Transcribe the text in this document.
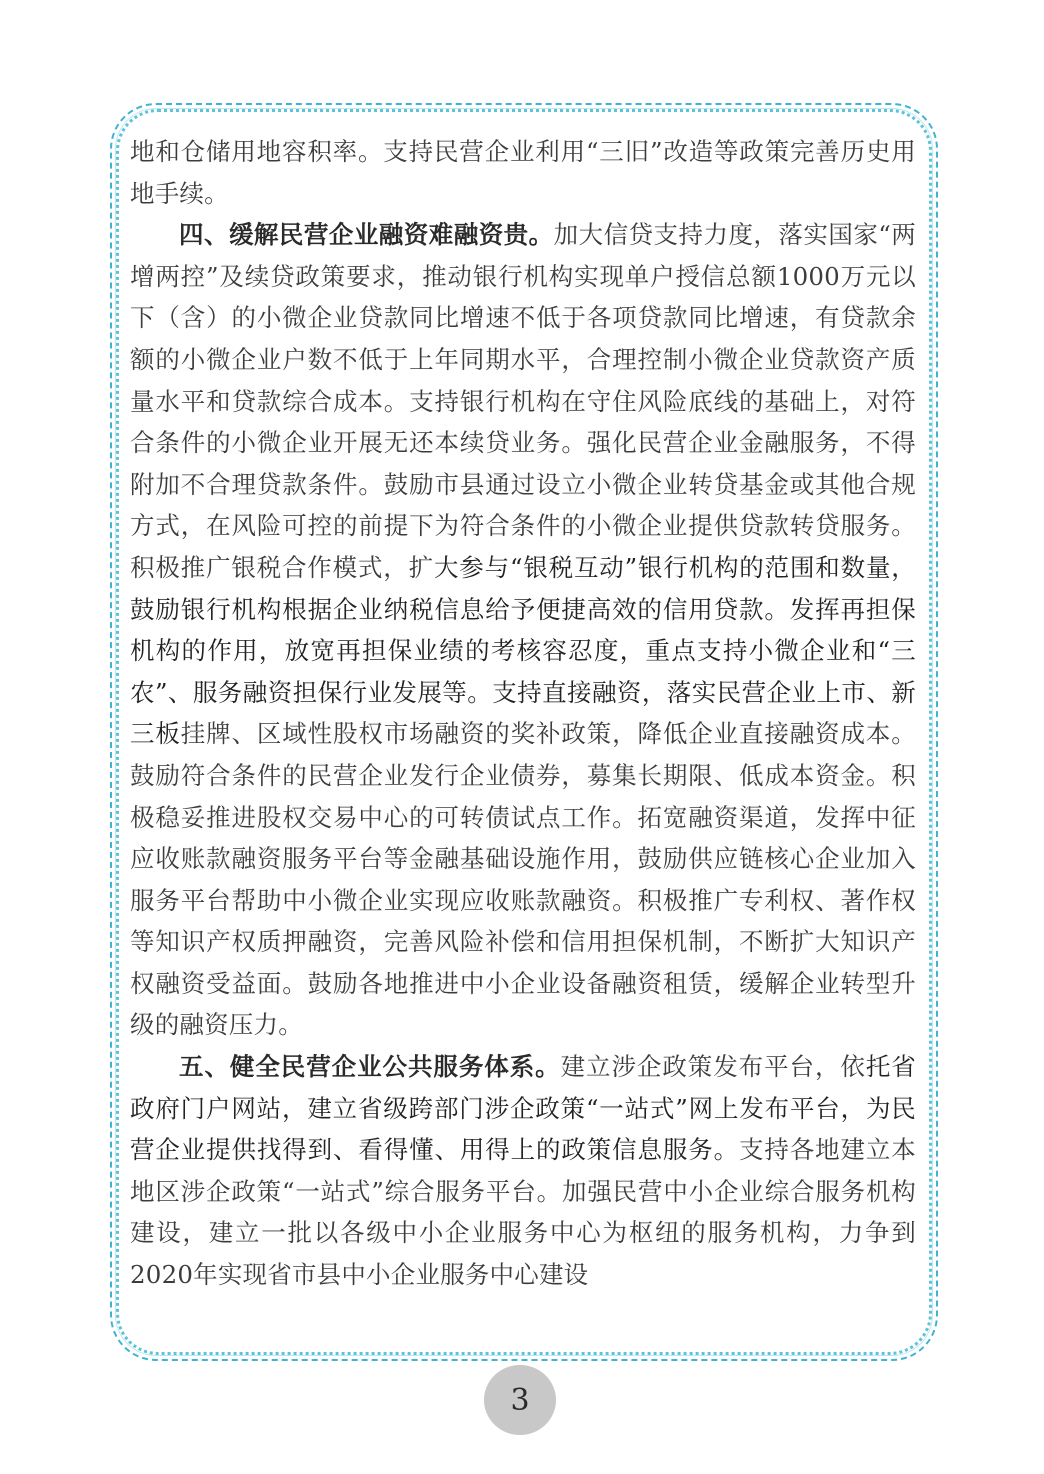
地和仓储用地容积率。支持民营企业利用“三旧”改造等政策完善历史用地手续。

四、缓解民营企业融资难融资贵。加大信贷支持力度，落实国家“两增两控”及续贷政策要求，推动银行机构实现单户授信总额1000万元以下（含）的小微企业贷款同比增速不低于各项贷款同比增速，有贷款余额的小微企业户数不低于上年同期水平，合理控制小微企业贷款资产质量水平和贷款综合成本。支持银行机构在守住风险底线的基础上，对符合条件的小微企业开展无还本续贷业务。强化民营企业金融服务，不得附加不合理贷款条件。鼓励市县通过设立小微企业转贷基金或其他合规方式，在风险可控的前提下为符合条件的小微企业提供贷款转贷服务。积极推广银税合作模式，扩大参与“银税互动”银行机构的范围和数量，鼓励银行机构根据企业纳税信息给予便捷高效的信用贷款。发挥再担保机构的作用，放宽再担保业绩的考核容忍度，重点支持小微企业和“三农”、服务融资担保行业发展等。支持直接融资，落实民营企业上市、新三板挂牌、区域性股权市场融资的奖补政策，降低企业直接融资成本。鼓励符合条件的民营企业发行企业债券，募集长期限、低成本资金。积极稳妥推进股权交易中心的可转债试点工作。拓宽融资渠道，发挥中征应收账款融资服务平台等金融基础设施作用，鼓励供应链核心企业加入服务平台帮助中小微企业实现应收账款融资。积极推广专利权、著作权等知识产权质押融资，完善风险补偿和信用担保机制，不断扩大知识产权融资受益面。鼓励各地推进中小企业设备融资租赁，缓解企业转型升级的融资压力。

五、健全民营企业公共服务体系。建立涉企政策发布平台，依托省政府门户网站，建立省级跨部门涉企政策“一站式”网上发布平台，为民营企业提供找得到、看得懂、用得上的政策信息服务。支持各地建立本地区涉企政策“一站式”综合服务平台。加强民营中小企业综合服务机构建设，建立一批以各级中小企业服务中心为枢纽的服务机构，力争到2020年实现省市县中小企业服务中心建设

3
